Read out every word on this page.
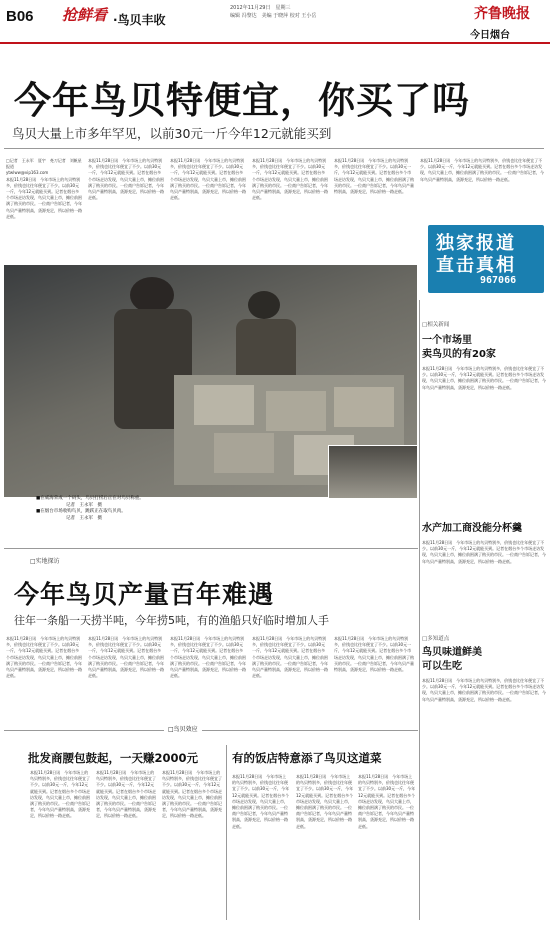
B06 抢鲜看 ·鸟贝丰收
2012年11月29日　星期三
编辑 冯黎达　美编 于晓萍 校对 王小岳	齐鲁晚报
今日烟台
今年鸟贝特便宜，你买了吗
鸟贝大量上市多年罕见，以前30元一斤今年12元就能买到

□记者　王永军　聂宇　尧刀记者　刘帆星　报道

ytwlww@vip163.com

本报11月28日讯　今年市场上的鸟贝特别多，价钱也比往年便宜了不少。以前30元一斤，今年12元就能买到。记者在烟台多个市场走访发现，鸟贝大量上市，摊位前围满了购买的市民。一位商户告诉记者，今年鸟贝产量特别高，货源充足，所以价格一路走低。

本报11月28日讯　今年市场上的鸟贝特别多，价钱也比往年便宜了不少。以前30元一斤，今年12元就能买到。记者在烟台多个市场走访发现，鸟贝大量上市，摊位前围满了购买的市民。一位商户告诉记者，今年鸟贝产量特别高，货源充足，所以价格一路走低。

本报11月28日讯　今年市场上的鸟贝特别多，价钱也比往年便宜了不少。以前30元一斤，今年12元就能买到。记者在烟台多个市场走访发现，鸟贝大量上市，摊位前围满了购买的市民。一位商户告诉记者，今年鸟贝产量特别高，货源充足，所以价格一路走低。

本报11月28日讯　今年市场上的鸟贝特别多，价钱也比往年便宜了不少。以前30元一斤，今年12元就能买到。记者在烟台多个市场走访发现，鸟贝大量上市，摊位前围满了购买的市民。一位商户告诉记者，今年鸟贝产量特别高，货源充足，所以价格一路走低。

本报11月28日讯　今年市场上的鸟贝特别多，价钱也比往年便宜了不少。以前30元一斤，今年12元就能买到。记者在烟台多个市场走访发现，鸟贝大量上市，摊位前围满了购买的市民。一位商户告诉记者，今年鸟贝产量特别高，货源充足，所以价格一路走低。

本报11月28日讯　今年市场上的鸟贝特别多，价钱也比往年便宜了不少。以前30元一斤，今年12元就能买到。记者在烟台多个市场走访发现，鸟贝大量上市，摊位前围满了购买的市民。一位商户告诉记者，今年鸟贝产量特别高，货源充足，所以价格一路走低。

独家报道
直击真相
967066
■在威海荣成一个码头，鸟贝打捞后正在对鸟贝称重。
记者　王永军　摄
■在烟台市场收购鸟贝，跳跃正在取鸟贝肉。
记者　王永军　摄
□相关新闻
一个市场里
卖鸟贝的有20家
本报11月28日讯　今年市场上的鸟贝特别多，价钱也比往年便宜了不少。以前30元一斤，今年12元就能买到。记者在烟台多个市场走访发现，鸟贝大量上市，摊位前围满了购买的市民。一位商户告诉记者，今年鸟贝产量特别高，货源充足，所以价格一路走低。
水产加工商没能分杯羹
本报11月28日讯　今年市场上的鸟贝特别多，价钱也比往年便宜了不少。以前30元一斤，今年12元就能买到。记者在烟台多个市场走访发现，鸟贝大量上市，摊位前围满了购买的市民。一位商户告诉记者，今年鸟贝产量特别高，货源充足，所以价格一路走低。
□多知道点
鸟贝味道鲜美
可以生吃
本报11月28日讯　今年市场上的鸟贝特别多，价钱也比往年便宜了不少。以前30元一斤，今年12元就能买到。记者在烟台多个市场走访发现，鸟贝大量上市，摊位前围满了购买的市民。一位商户告诉记者，今年鸟贝产量特别高，货源充足，所以价格一路走低。
□实地探访
今年鸟贝产量百年难遇
往年一条船一天捞半吨，今年捞5吨，有的渔船只好临时增加人手
本报11月28日讯　今年市场上的鸟贝特别多，价钱也比往年便宜了不少。以前30元一斤，今年12元就能买到。记者在烟台多个市场走访发现，鸟贝大量上市，摊位前围满了购买的市民。一位商户告诉记者，今年鸟贝产量特别高，货源充足，所以价格一路走低。
本报11月28日讯　今年市场上的鸟贝特别多，价钱也比往年便宜了不少。以前30元一斤，今年12元就能买到。记者在烟台多个市场走访发现，鸟贝大量上市，摊位前围满了购买的市民。一位商户告诉记者，今年鸟贝产量特别高，货源充足，所以价格一路走低。
本报11月28日讯　今年市场上的鸟贝特别多，价钱也比往年便宜了不少。以前30元一斤，今年12元就能买到。记者在烟台多个市场走访发现，鸟贝大量上市，摊位前围满了购买的市民。一位商户告诉记者，今年鸟贝产量特别高，货源充足，所以价格一路走低。
本报11月28日讯　今年市场上的鸟贝特别多，价钱也比往年便宜了不少。以前30元一斤，今年12元就能买到。记者在烟台多个市场走访发现，鸟贝大量上市，摊位前围满了购买的市民。一位商户告诉记者，今年鸟贝产量特别高，货源充足，所以价格一路走低。
本报11月28日讯　今年市场上的鸟贝特别多，价钱也比往年便宜了不少。以前30元一斤，今年12元就能买到。记者在烟台多个市场走访发现，鸟贝大量上市，摊位前围满了购买的市民。一位商户告诉记者，今年鸟贝产量特别高，货源充足，所以价格一路走低。
□鸟贝效应
批发商腰包鼓起，一天赚2000元	有的饭店特意添了鸟贝这道菜
本报11月28日讯　今年市场上的鸟贝特别多，价钱也比往年便宜了不少。以前30元一斤，今年12元就能买到。记者在烟台多个市场走访发现，鸟贝大量上市，摊位前围满了购买的市民。一位商户告诉记者，今年鸟贝产量特别高，货源充足，所以价格一路走低。
本报11月28日讯　今年市场上的鸟贝特别多，价钱也比往年便宜了不少。以前30元一斤，今年12元就能买到。记者在烟台多个市场走访发现，鸟贝大量上市，摊位前围满了购买的市民。一位商户告诉记者，今年鸟贝产量特别高，货源充足，所以价格一路走低。
本报11月28日讯　今年市场上的鸟贝特别多，价钱也比往年便宜了不少。以前30元一斤，今年12元就能买到。记者在烟台多个市场走访发现，鸟贝大量上市，摊位前围满了购买的市民。一位商户告诉记者，今年鸟贝产量特别高，货源充足，所以价格一路走低。
本报11月28日讯　今年市场上的鸟贝特别多，价钱也比往年便宜了不少。以前30元一斤，今年12元就能买到。记者在烟台多个市场走访发现，鸟贝大量上市，摊位前围满了购买的市民。一位商户告诉记者，今年鸟贝产量特别高，货源充足，所以价格一路走低。
本报11月28日讯　今年市场上的鸟贝特别多，价钱也比往年便宜了不少。以前30元一斤，今年12元就能买到。记者在烟台多个市场走访发现，鸟贝大量上市，摊位前围满了购买的市民。一位商户告诉记者，今年鸟贝产量特别高，货源充足，所以价格一路走低。
本报11月28日讯　今年市场上的鸟贝特别多，价钱也比往年便宜了不少。以前30元一斤，今年12元就能买到。记者在烟台多个市场走访发现，鸟贝大量上市，摊位前围满了购买的市民。一位商户告诉记者，今年鸟贝产量特别高，货源充足，所以价格一路走低。
